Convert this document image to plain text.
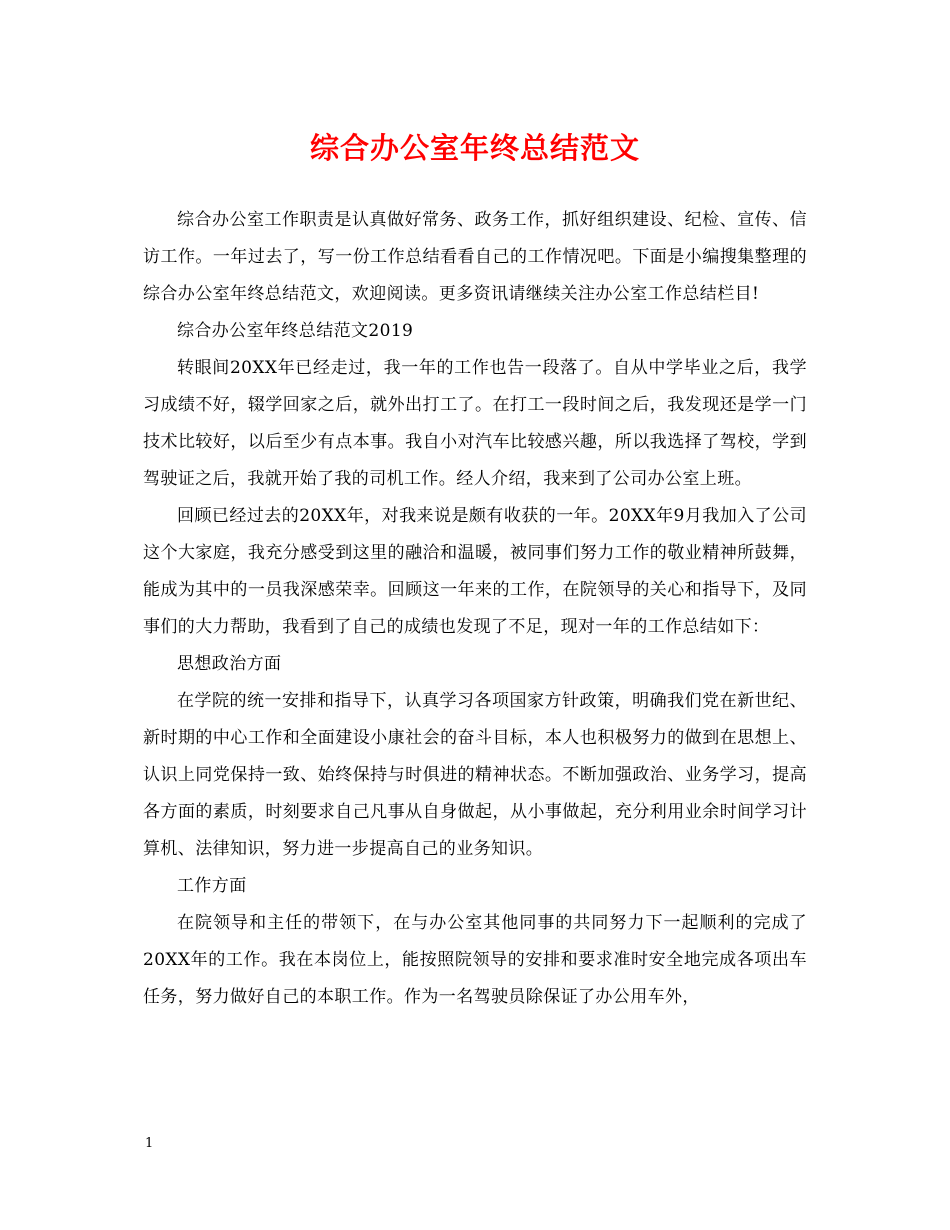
综合办公室年终总结范文

综合办公室工作职责是认真做好常务、政务工作，抓好组织建设、纪检、宣传、信访工作。一年过去了，写一份工作总结看看自己的工作情况吧。下面是小编搜集整理的综合办公室年终总结范文，欢迎阅读。更多资讯请继续关注办公室工作总结栏目!

综合办公室年终总结范文2019

转眼间20XX年已经走过，我一年的工作也告一段落了。自从中学毕业之后，我学习成绩不好，辍学回家之后，就外出打工了。在打工一段时间之后，我发现还是学一门技术比较好，以后至少有点本事。我自小对汽车比较感兴趣，所以我选择了驾校，学到驾驶证之后，我就开始了我的司机工作。经人介绍，我来到了公司办公室上班。

回顾已经过去的20XX年，对我来说是颇有收获的一年。20XX年9月我加入了公司这个大家庭，我充分感受到这里的融洽和温暖，被同事们努力工作的敬业精神所鼓舞，能成为其中的一员我深感荣幸。回顾这一年来的工作，在院领导的关心和指导下，及同事们的大力帮助，我看到了自己的成绩也发现了不足，现对一年的工作总结如下：

思想政治方面

在学院的统一安排和指导下，认真学习各项国家方针政策，明确我们党在新世纪、新时期的中心工作和全面建设小康社会的奋斗目标，本人也积极努力的做到在思想上、认识上同党保持一致、始终保持与时俱进的精神状态。不断加强政治、业务学习，提高各方面的素质，时刻要求自己凡事从自身做起，从小事做起，充分利用业余时间学习计算机、法律知识，努力进一步提高自己的业务知识。

工作方面

在院领导和主任的带领下，在与办公室其他同事的共同努力下一起顺利的完成了20XX年的工作。我在本岗位上，能按照院领导的安排和要求准时安全地完成各项出车任务，努力做好自己的本职工作。作为一名驾驶员除保证了办公用车外，

1
